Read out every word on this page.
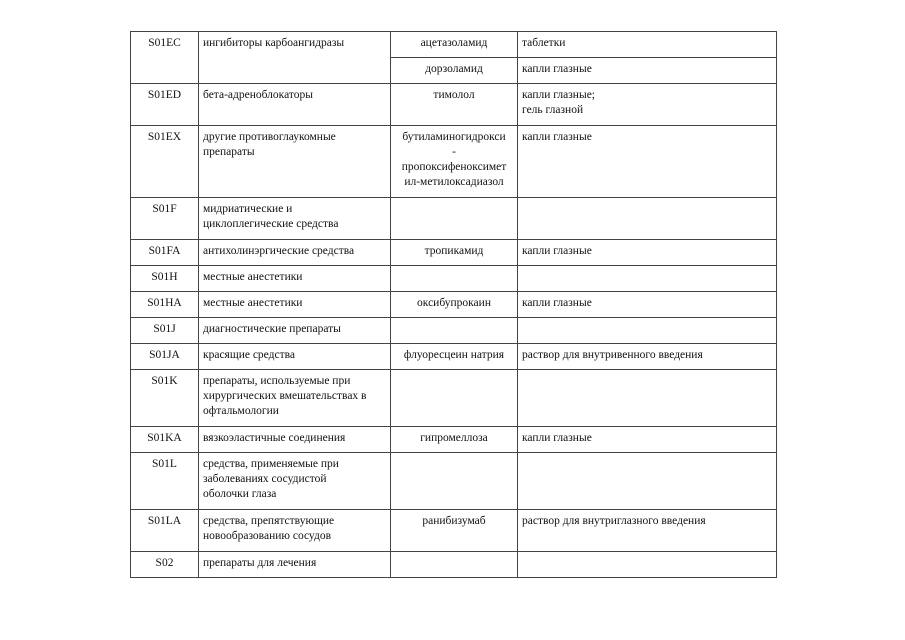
S01EC	ингибиторы карбоангидразы	ацетазоламид	таблетки
		дорзоламид	капли глазные
S01ED	бета-адреноблокаторы	тимолол	капли глазные;
гель глазной

S01EX	другие противоглаукомные
препараты	бутиламиногидрокси
-
пропоксифеноксимет
ил-метилоксадиазол	капли глазные
S01F	мидриатические и
циклоплегические средства		

S01FA	антихолинэргические средства	тропикамид	капли глазные
S01H	местные анестетики		
S01HA	местные анестетики	оксибупрокаин	капли глазные
S01J	диагностические препараты		
S01JA	красящие средства	флуоресцеин натрия	раствор для внутривенного введения
S01K	препараты, используемые при
хирургических вмешательствах в
офтальмологии		

S01KA	вязкоэластичные соединения	гипромеллоза	капли глазные
S01L	средства, применяемые при
заболеваниях сосудистой
оболочки глаза		

S01LA	средства, препятствующие
новообразованию сосудов	ранибизумаб	раствор для внутриглазного введения
S02	препараты для лечения		
